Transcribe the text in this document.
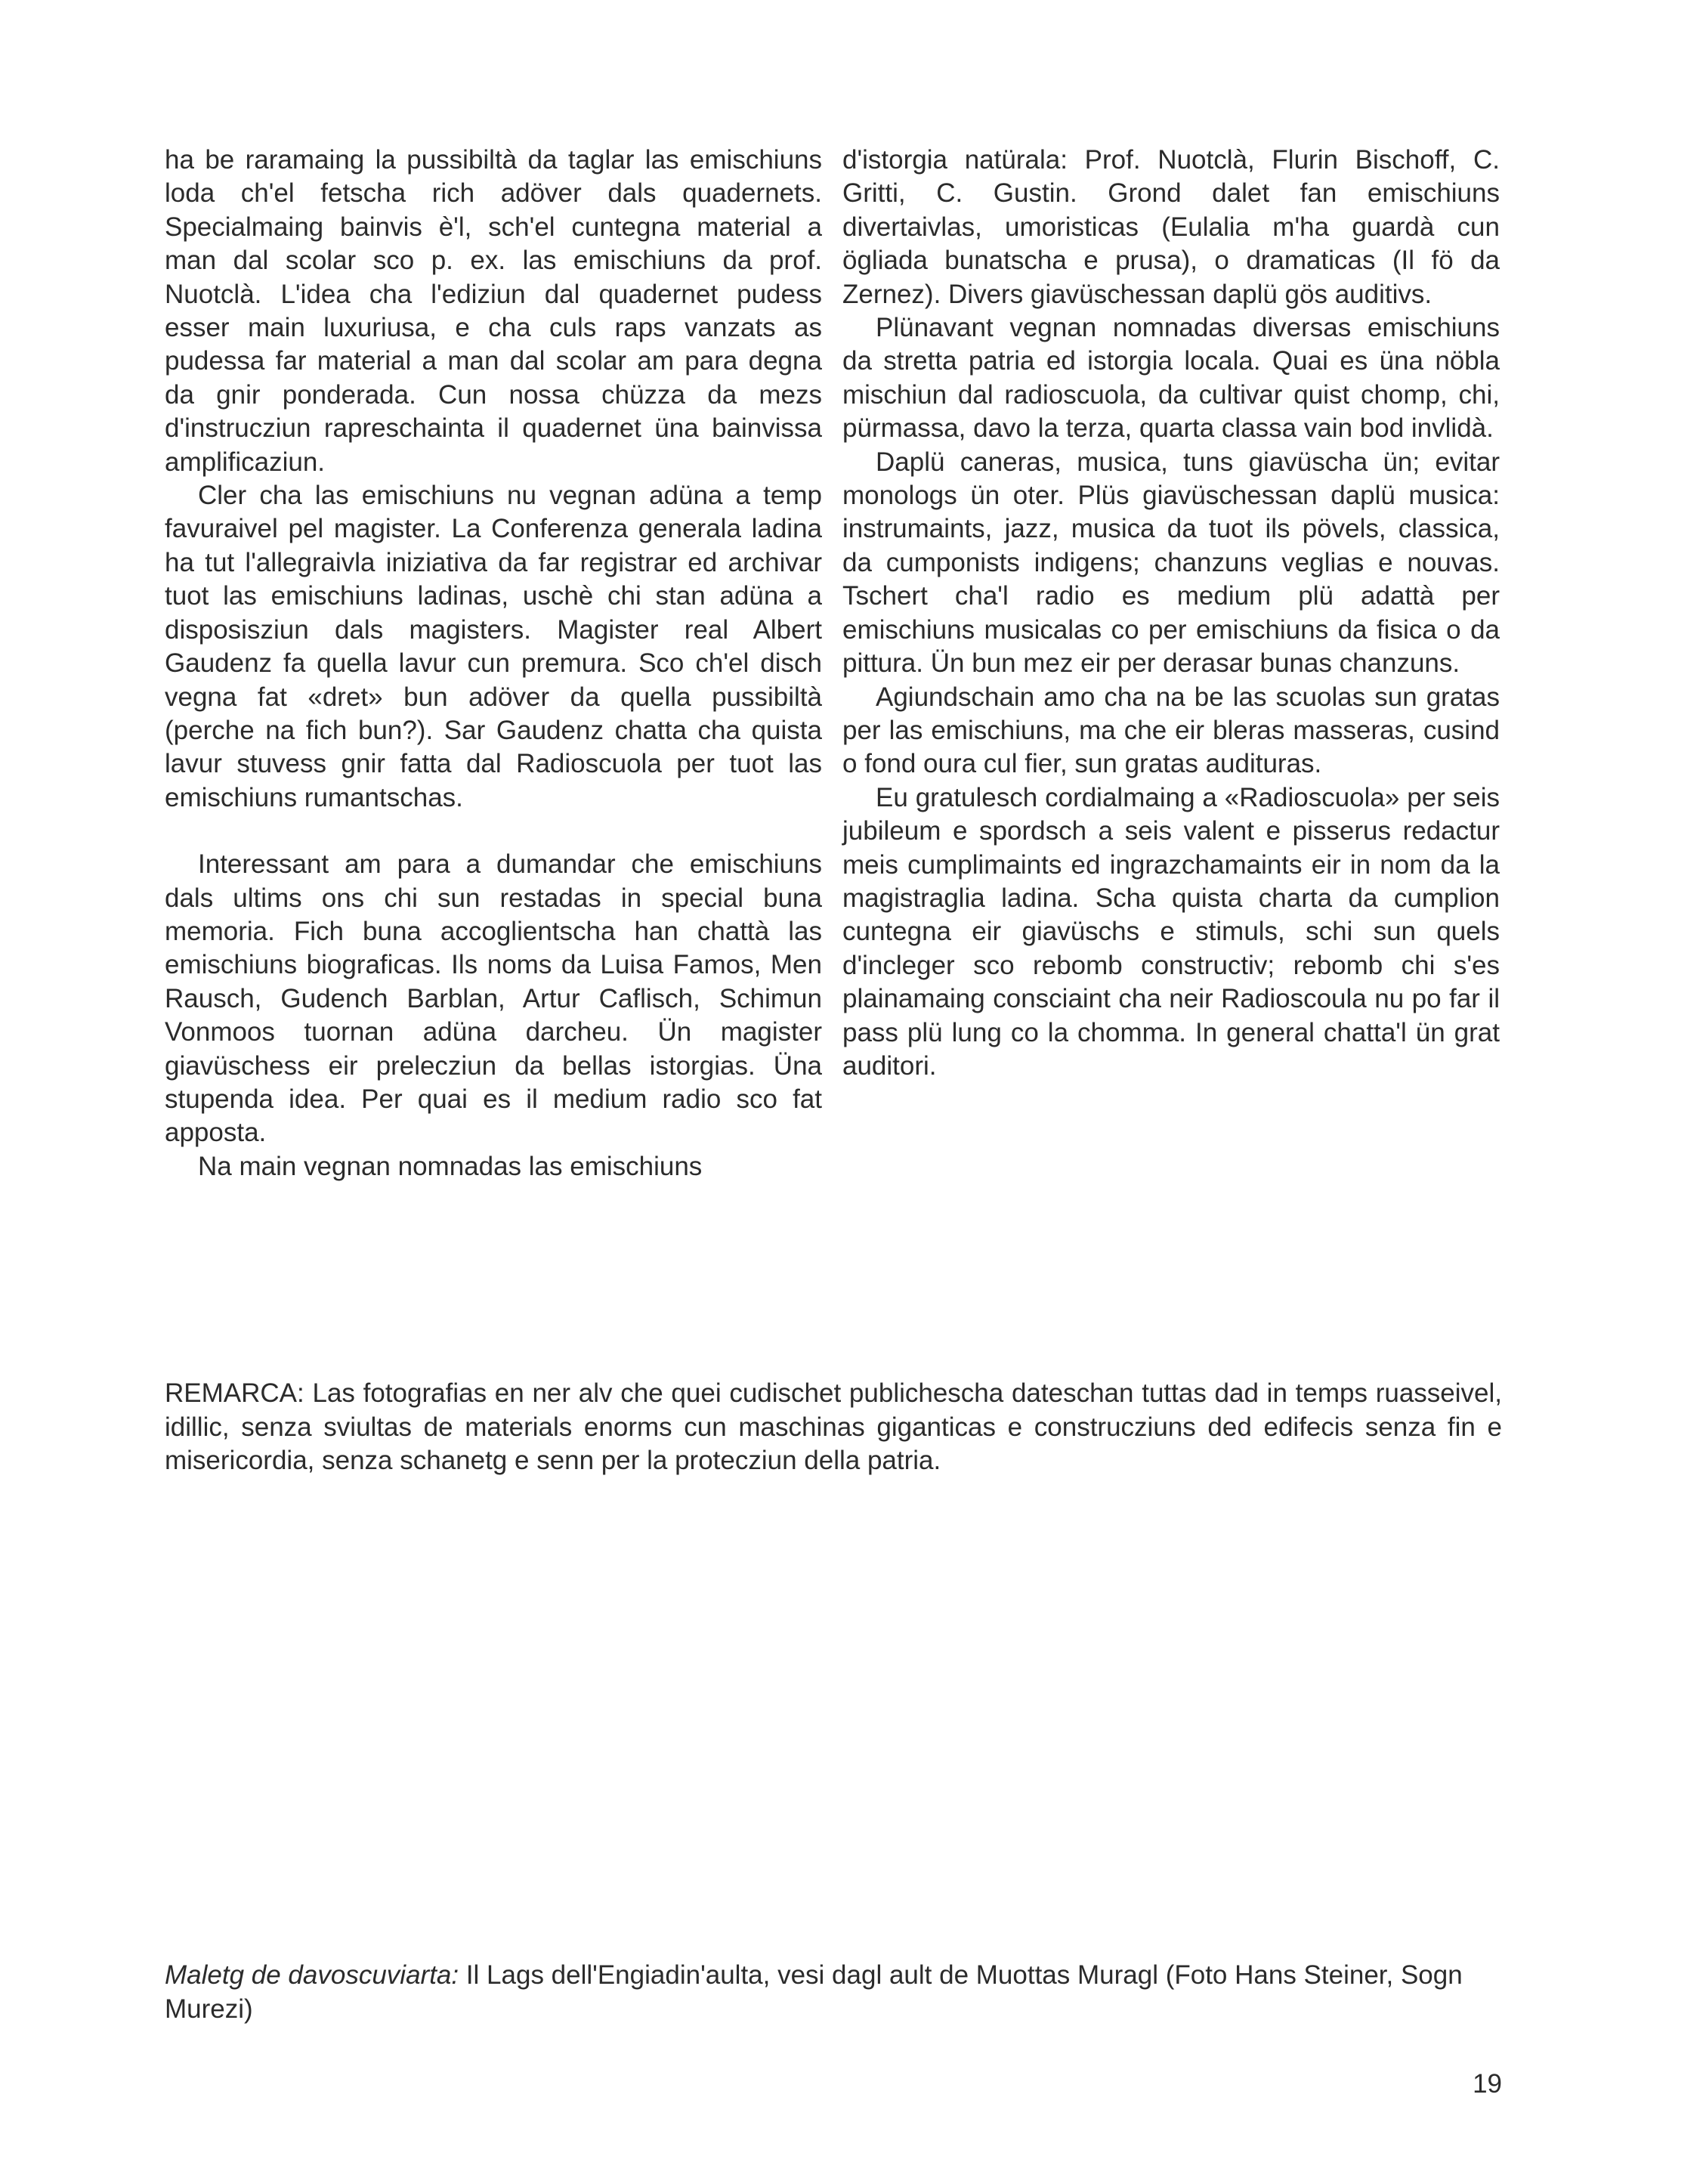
ha be raramaing la pussibiltà da taglar las emischiuns loda ch'el fetscha rich adöver dals quadernets. Specialmaing bainvis è'l, sch'el cuntegna material a man dal scolar sco p. ex. las emischiuns da prof. Nuotclà. L'idea cha l'ediziun dal quadernet pudess esser main luxuriusa, e cha culs raps vanzats as pudessa far material a man dal scolar am para degna da gnir ponderada. Cun nossa chüzza da mezs d'instrucziun rapreschainta il quadernet üna bainvissa amplificaziun.

Cler cha las emischiuns nu vegnan adüna a temp favuraivel pel magister. La Conferenza generala ladina ha tut l'allegraivla iniziativa da far registrar ed archivar tuot las emischiuns ladinas, uschè chi stan adüna a disposisziun dals magisters. Magister real Albert Gaudenz fa quella lavur cun premura. Sco ch'el disch vegna fat «dret» bun adöver da quella pussibiltà (perche na fich bun?). Sar Gaudenz chatta cha quista lavur stuvess gnir fatta dal Radioscuola per tuot las emischiuns rumantschas.

Interessant am para a dumandar che emischiuns dals ultims ons chi sun restadas in special buna memoria. Fich buna accoglientscha han chattà las emischiuns biograficas. Ils noms da Luisa Famos, Men Rausch, Gudench Barblan, Artur Caflisch, Schimun Vonmoos tuornan adüna darcheu. Ün magister giavüschess eir prelecziun da bellas istorgias. Üna stupenda idea. Per quai es il medium radio sco fat apposta.

Na main vegnan nomnadas las emischiuns

d'istorgia natürala: Prof. Nuotclà, Flurin Bischoff, C. Gritti, C. Gustin. Grond dalet fan emischiuns divertaivlas, umoristicas (Eulalia m'ha guardà cun ögliada bunatscha e prusa), o dramaticas (Il fö da Zernez). Divers giavüschessan daplü gös auditivs.

Plünavant vegnan nomnadas diversas emischiuns da stretta patria ed istorgia locala. Quai es üna nöbla mischiun dal radioscuola, da cultivar quist chomp, chi, pürmassa, davo la terza, quarta classa vain bod invlidà.

Daplü caneras, musica, tuns giavüscha ün; evitar monologs ün oter. Plüs giavüschessan daplü musica: instrumaints, jazz, musica da tuot ils pövels, classica, da cumponists indigens; chanzuns veglias e nouvas. Tschert cha'l radio es medium plü adattà per emischiuns musicalas co per emischiuns da fisica o da pittura. Ün bun mez eir per derasar bunas chanzuns.

Agiundschain amo cha na be las scuolas sun gratas per las emischiuns, ma che eir bleras masseras, cusind o fond oura cul fier, sun gratas audituras.

Eu gratulesch cordialmaing a «Radioscuola» per seis jubileum e spordsch a seis valent e pisserus redactur meis cumplimaints ed ingrazchamaints eir in nom da la magistraglia ladina. Scha quista charta da cumplion cuntegna eir giavüschs e stimuls, schi sun quels d'incleger sco rebomb constructiv; rebomb chi s'es plainamaing consciaint cha neir Radioscoula nu po far il pass plü lung co la chomma. In general chatta'l ün grat auditori.

REMARCA: Las fotografias en ner alv che quei cudischet publichescha dateschan tuttas dad in temps ruasseivel, idillic, senza sviultas de materials enorms cun maschinas giganticas e construcziuns ded edifecis senza fin e misericordia, senza schanetg e senn per la protecziun della patria.

Maletg de davoscuviarta: Il Lags dell'Engiadin'aulta, vesi dagl ault de Muottas Muragl (Foto Hans Steiner, Sogn Murezi)

19
